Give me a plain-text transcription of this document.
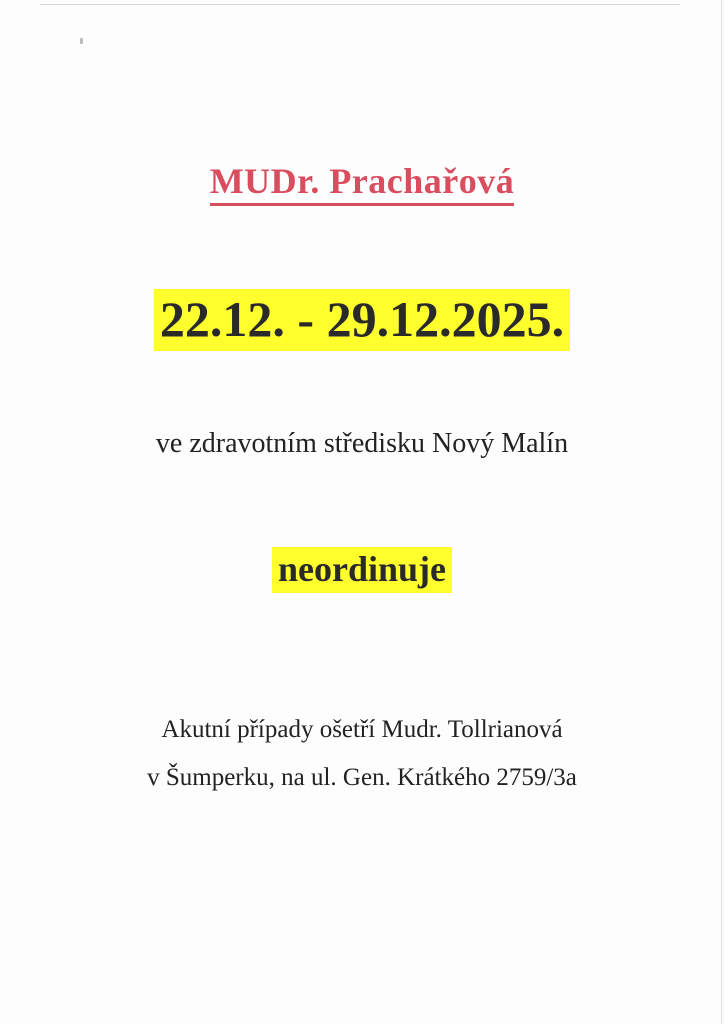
MUDr. Prachařová
22.12. - 29.12.2025.
ve zdravotním středisku Nový Malín
neordinuje
Akutní případy ošetří Mudr. Tollrianová
v Šumperku, na ul. Gen. Krátkého 2759/3a
